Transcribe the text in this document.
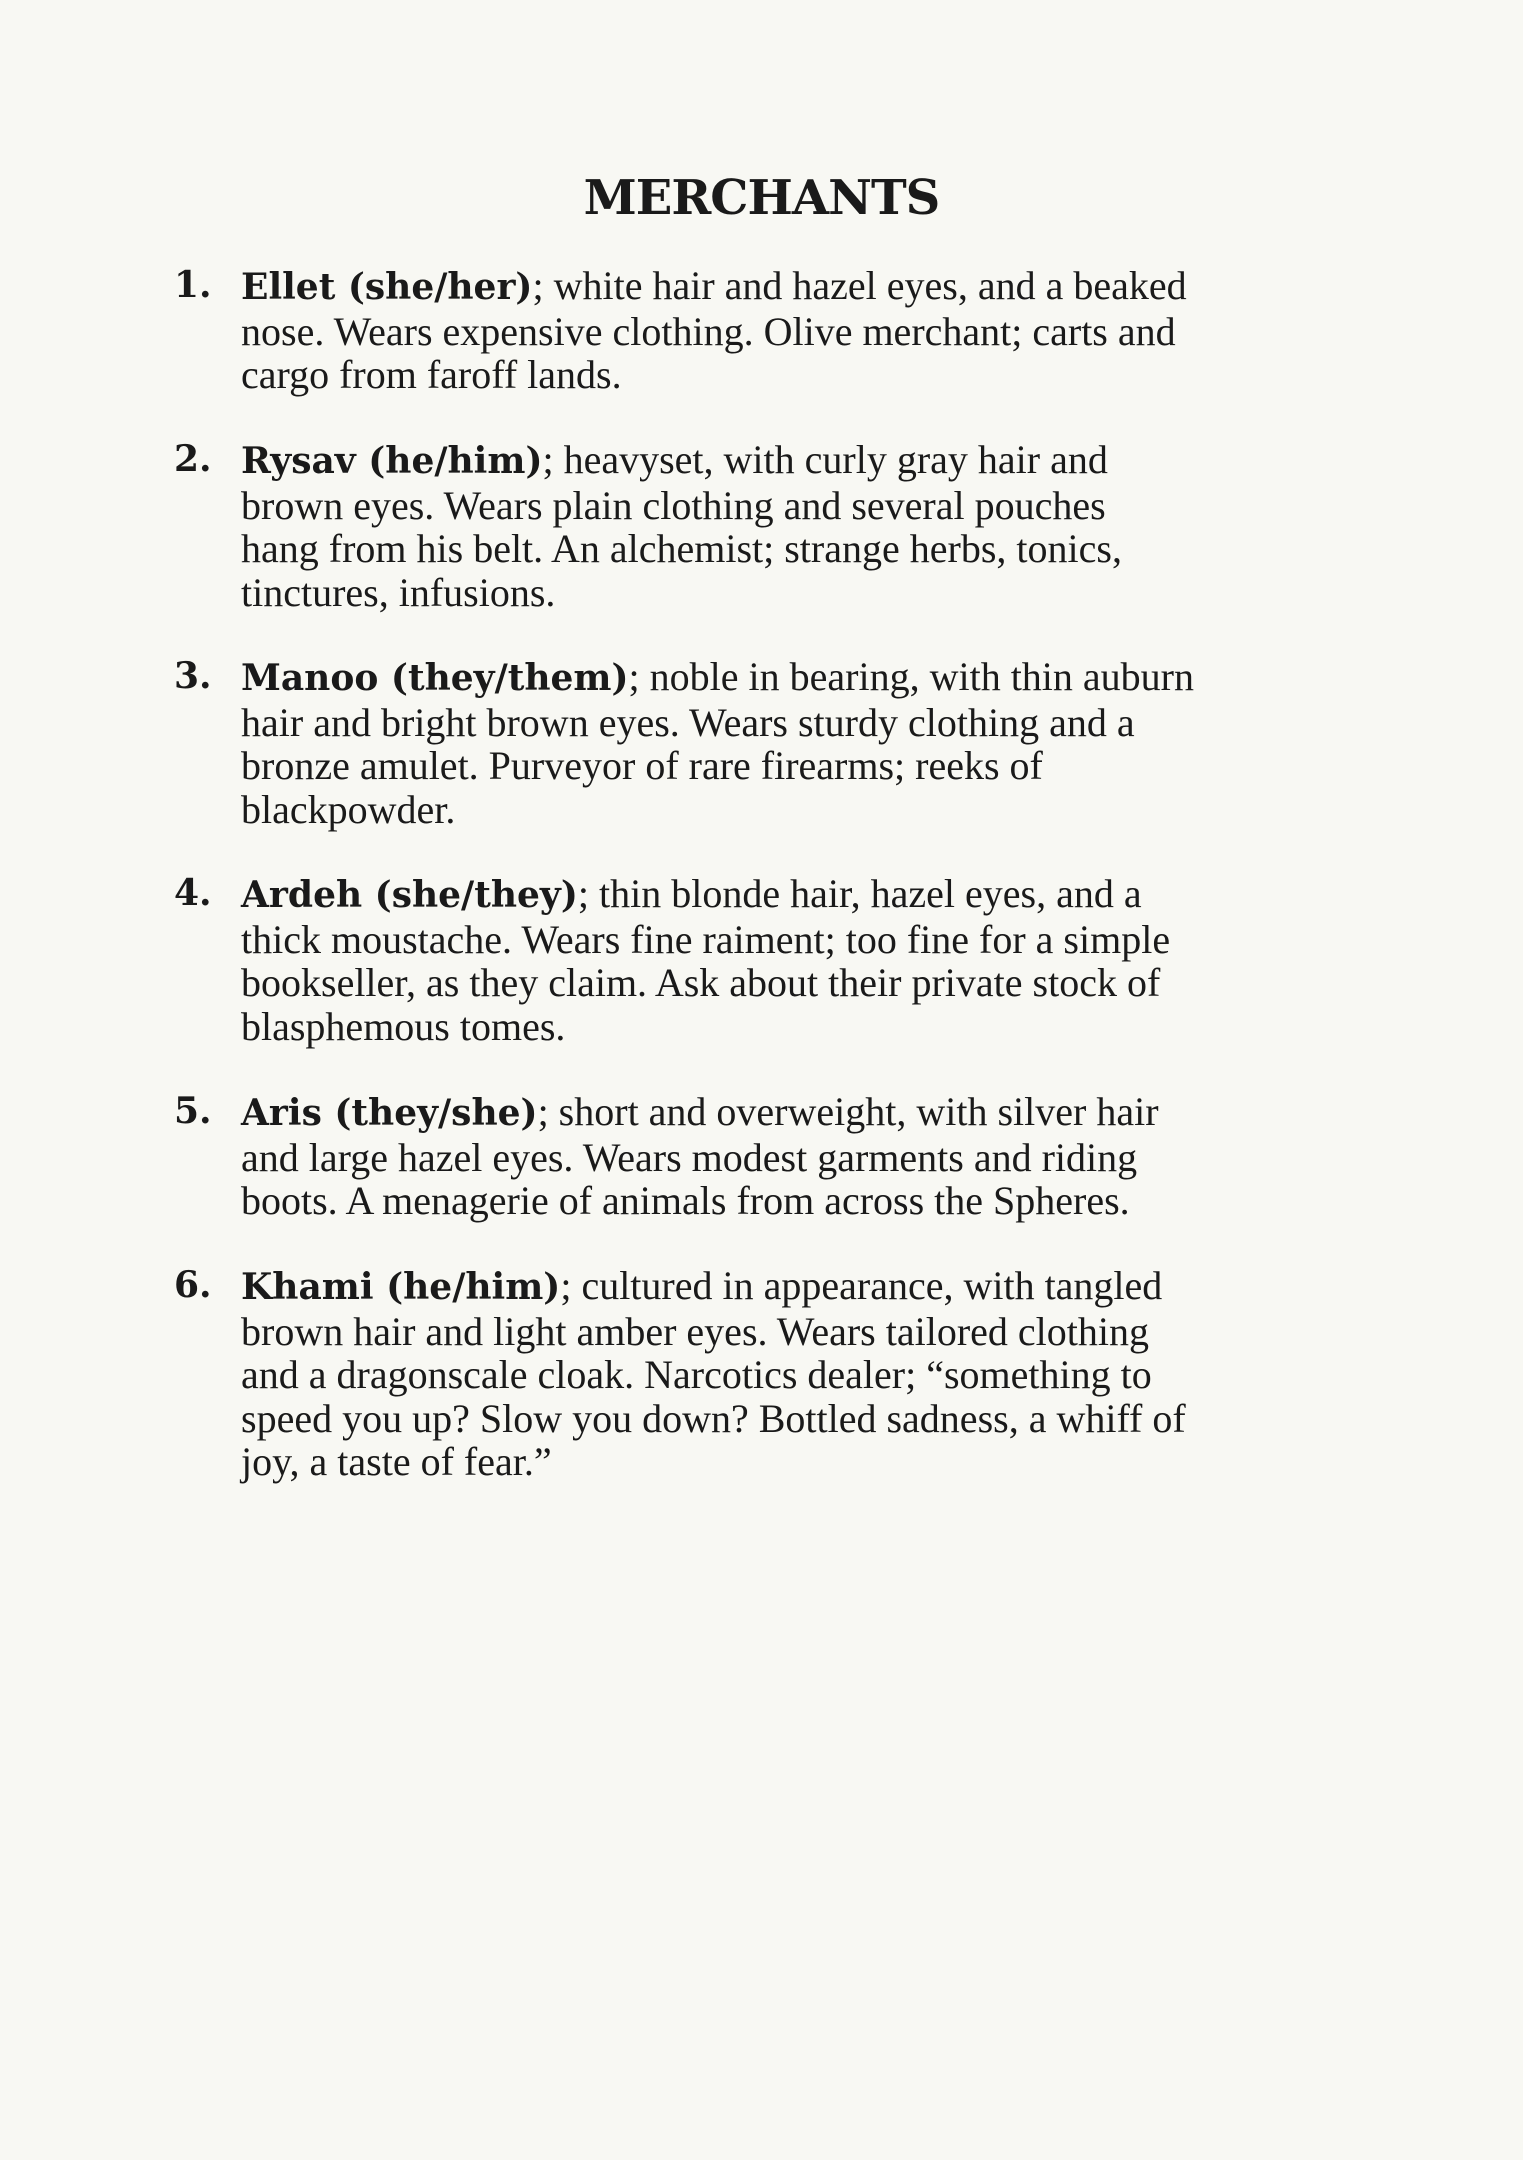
MERCHANTS
1. Ellet (she/her); white hair and hazel eyes, and a beaked
nose. Wears expensive clothing. Olive merchant; carts and
cargo from faroff lands.
2. Rysav (he/him); heavyset, with curly gray hair and
brown eyes. Wears plain clothing and several pouches
hang from his belt. An alchemist; strange herbs, tonics,
tinctures, infusions.
3. Manoo (they/them); noble in bearing, with thin auburn
hair and bright brown eyes. Wears sturdy clothing and a
bronze amulet. Purveyor of rare firearms; reeks of
blackpowder.
4. Ardeh (she/they); thin blonde hair, hazel eyes, and a
thick moustache. Wears fine raiment; too fine for a simple
bookseller, as they claim. Ask about their private stock of
blasphemous tomes.
5. Aris (they/she); short and overweight, with silver hair
and large hazel eyes. Wears modest garments and riding
boots. A menagerie of animals from across the Spheres.
6. Khami (he/him); cultured in appearance, with tangled
brown hair and light amber eyes. Wears tailored clothing
and a dragonscale cloak. Narcotics dealer; “something to
speed you up? Slow you down? Bottled sadness, a whiff of
joy, a taste of fear.”
